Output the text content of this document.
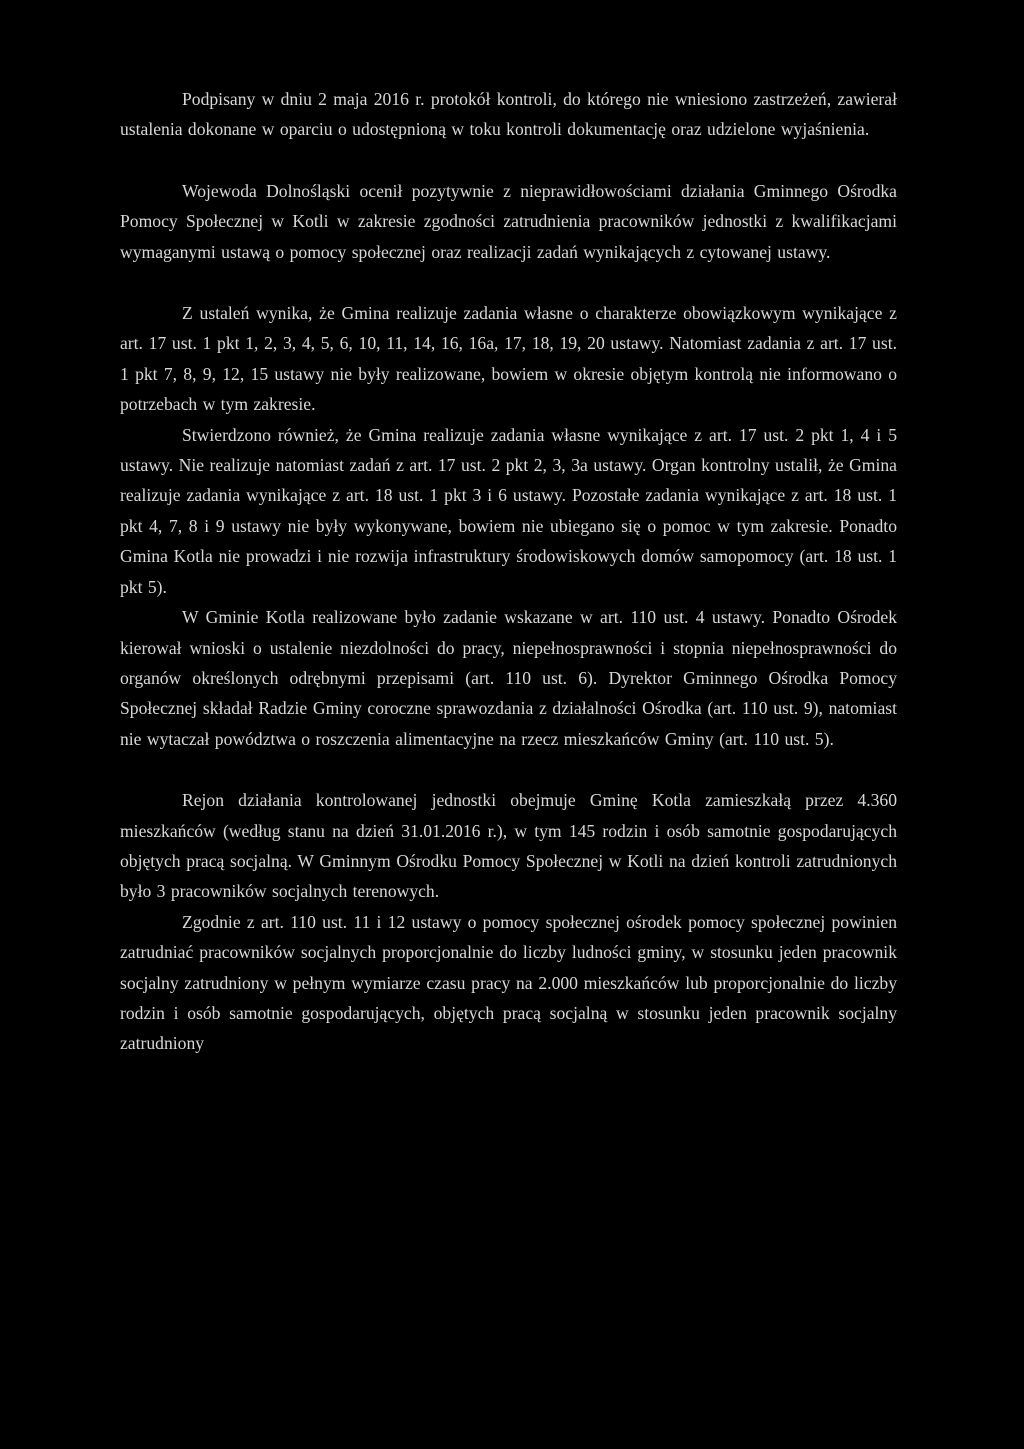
Podpisany w dniu 2 maja 2016 r. protokół kontroli, do którego nie wniesiono zastrzeżeń, zawierał ustalenia dokonane w oparciu o udostępnioną w toku kontroli dokumentację oraz udzielone wyjaśnienia.

Wojewoda Dolnośląski ocenił pozytywnie z nieprawidłowościami działania Gminnego Ośrodka Pomocy Społecznej w Kotli w zakresie zgodności zatrudnienia pracowników jednostki z kwalifikacjami wymaganymi ustawą o pomocy społecznej oraz realizacji zadań wynikających z cytowanej ustawy.

Z ustaleń wynika, że Gmina realizuje zadania własne o charakterze obowiązkowym wynikające z art. 17 ust. 1 pkt 1, 2, 3, 4, 5, 6, 10, 11, 14, 16, 16a, 17, 18, 19, 20 ustawy. Natomiast zadania z art. 17 ust. 1 pkt 7, 8, 9, 12, 15 ustawy nie były realizowane, bowiem w okresie objętym kontrolą nie informowano o potrzebach w tym zakresie.

Stwierdzono również, że Gmina realizuje zadania własne wynikające z art. 17 ust. 2 pkt 1, 4 i 5 ustawy. Nie realizuje natomiast zadań z art. 17 ust. 2 pkt 2, 3, 3a ustawy. Organ kontrolny ustalił, że Gmina realizuje zadania wynikające z art. 18 ust. 1 pkt 3 i 6 ustawy. Pozostałe zadania wynikające z art. 18 ust. 1 pkt 4, 7, 8 i 9 ustawy nie były wykonywane, bowiem nie ubiegano się o pomoc w tym zakresie. Ponadto Gmina Kotla nie prowadzi i nie rozwija infrastruktury środowiskowych domów samopomocy (art. 18 ust. 1 pkt 5).

W Gminie Kotla realizowane było zadanie wskazane w art. 110 ust. 4 ustawy. Ponadto Ośrodek kierował wnioski o ustalenie niezdolności do pracy, niepełnosprawności i stopnia niepełnosprawności do organów określonych odrębnymi przepisami (art. 110 ust. 6). Dyrektor Gminnego Ośrodka Pomocy Społecznej składał Radzie Gminy coroczne sprawozdania z działalności Ośrodka (art. 110 ust. 9), natomiast nie wytaczał powództwa o roszczenia alimentacyjne na rzecz mieszkańców Gminy (art. 110 ust. 5).

Rejon działania kontrolowanej jednostki obejmuje Gminę Kotla zamieszkałą przez 4.360 mieszkańców (według stanu na dzień 31.01.2016 r.), w tym 145 rodzin i osób samotnie gospodarujących objętych pracą socjalną. W Gminnym Ośrodku Pomocy Społecznej w Kotli na dzień kontroli zatrudnionych było 3 pracowników socjalnych terenowych.

Zgodnie z art. 110 ust. 11 i 12 ustawy o pomocy społecznej ośrodek pomocy społecznej powinien zatrudniać pracowników socjalnych proporcjonalnie do liczby ludności gminy, w stosunku jeden pracownik socjalny zatrudniony w pełnym wymiarze czasu pracy na 2.000 mieszkańców lub proporcjonalnie do liczby rodzin i osób samotnie gospodarujących, objętych pracą socjalną w stosunku jeden pracownik socjalny zatrudniony
